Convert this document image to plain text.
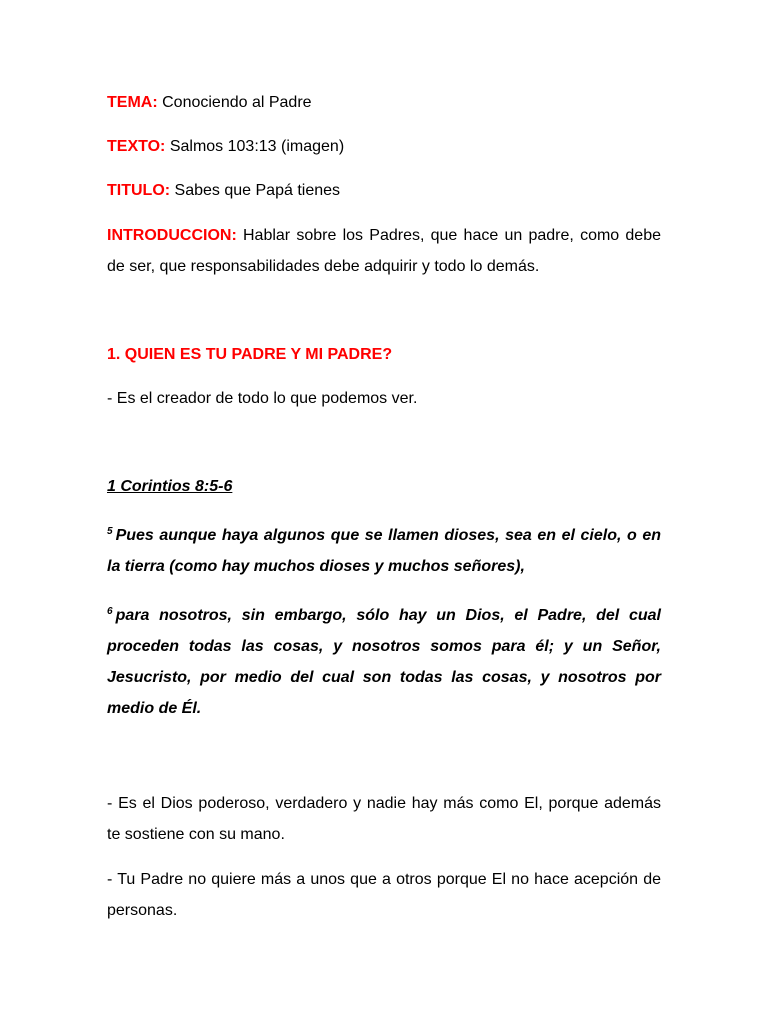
TEMA: Conociendo al Padre
TEXTO: Salmos 103:13 (imagen)
TITULO: Sabes que Papá tienes
INTRODUCCION: Hablar sobre los Padres, que hace un padre, como debe de ser, que responsabilidades debe adquirir y todo lo demás.
1. QUIEN ES TU PADRE Y MI PADRE?
- Es el creador de todo lo que podemos ver.
1 Corintios 8:5-6
$^5$ Pues aunque haya algunos que se llamen dioses, sea en el cielo, o en la tierra (como hay muchos dioses y muchos señores),
$^6$ para nosotros, sin embargo, sólo hay un Dios, el Padre, del cual proceden todas las cosas, y nosotros somos para él; y un Señor, Jesucristo, por medio del cual son todas las cosas, y nosotros por medio de Él.
- Es el Dios poderoso, verdadero y nadie hay más como El, porque además te sostiene con su mano.
- Tu Padre no quiere más a unos que a otros porque El no hace acepción de personas.
